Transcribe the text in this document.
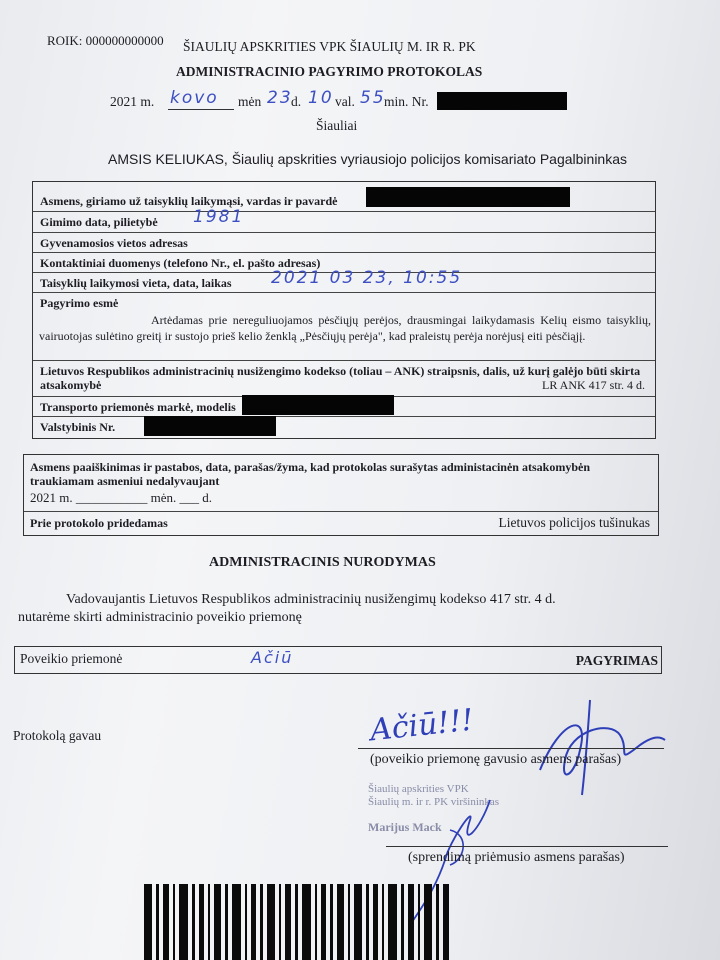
ROIK: 000000000000 ŠIAULIŲ APSKRITIES VPK ŠIAULIŲ M. IR R. PK
ADMINISTRACINIO PAGYRIMO PROTOKOLAS
2021 m. kovo mėn 23
d. 10 val. 55
min. Nr.
Šiauliai
AMSIS KELIUKAS, Šiaulių apskrities vyriausiojo policijos komisariato Pagalbininkas
Asmens, giriamo už taisyklių laikymąsi, vardas ir pavardė
Gimimo data, pilietybė 1981
Gyvenamosios vietos adresas
Kontaktiniai duomenys (telefono Nr., el. pašto adresas)
Taisyklių laikymosi vieta, data, laikas 2021 03 23, 10:55
Pagyrimo esmė
Artėdamas prie nereguliuojamos pėsčiųjų perėjos, drausmingai laikydamasis Kelių eismo taisyklių, vairuotojas sulėtino greitį ir sustojo prieš kelio ženklą „Pėsčiųjų perėja", kad praleistų perėja norėjusį eiti pėsčiąjį.
Lietuvos Respublikos administracinių nusižengimo kodekso (toliau – ANK) straipsnis, dalis, už kurį galėjo būti skirta atsakomybė	LR ANK 417 str. 4 d.
Transporto priemonės markė, modelis
Valstybinis Nr.
Asmens paaiškinimas ir pastabos, data, parašas/žyma, kad protokolas surašytas administacinėn atsakomybėn traukiamam asmeniui nedalyvaujant
2021 m. ___________ mėn. ___ d.
Prie protokolo pridedamas	Lietuvos policijos tušinukas
ADMINISTRACINIS NURODYMAS
Vadovaujantis Lietuvos Respublikos administracinių nusižengimų kodekso 417 str. 4 d.
nutarėme skirti administracinio poveikio priemonę
Poveikio priemonė	Ačiū	PAGYRIMAS
Protokolą gavau	Ačiū!!!
(poveikio priemonę gavusio asmens parašas)
Šiaulių apskrities VPK
Šiaulių m. ir r. PK viršininkas
Marijus Mack
(sprendimą priėmusio asmens parašas)
